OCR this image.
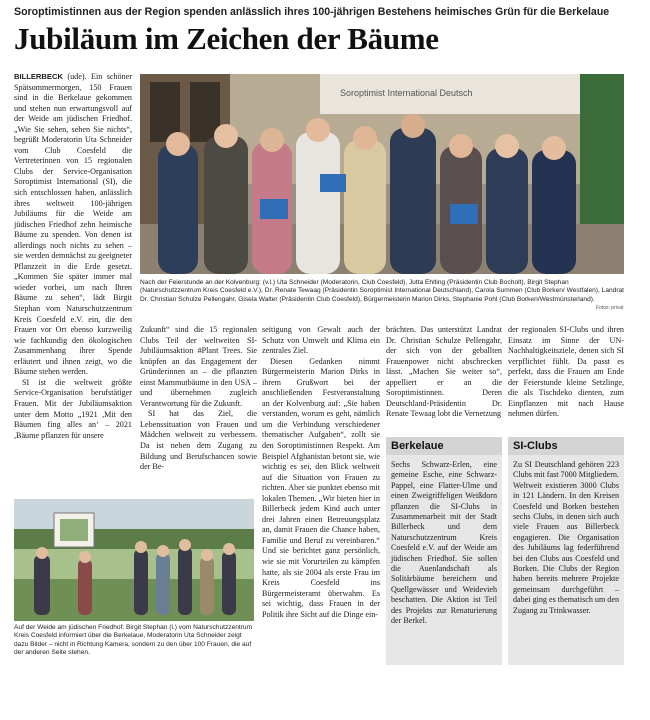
Soroptimistinnen aus der Region spenden anlässlich ihres 100-jährigen Bestehens heimisches Grün für die Berkelaue
Jubiläum im Zeichen der Bäume

BILLERBECK (ude). Ein schöner Spätsommermorgen, 150 Frauen sind in die Berkelaue gekommen und stehen nun erwartungsvoll auf der Weide am jüdischen Friedhof. „Wie Sie sehen, sehen Sie nichts“, begrüßt Moderatorin Uta Schneider vom Club Coesfeld die Vertreterinnen von 15 regionalen Clubs der Service-Organisation Soroptimist International (SI), die sich entschlossen haben, anlässlich ihres weltweit 100-jährigen Jubiläums für die Weide am jüdischen Friedhof zehn heimische Bäume zu spenden. Von denen ist allerdings noch nichts zu sehen – sie werden demnächst zu geeigneter Pflanzzeit in die Erde gesetzt. „Kommen Sie später immer mal wieder vorbei, um nach Ihren Bäume zu sehen“, lädt Birgit Stephan vom Naturschutzzentrum Kreis Coesfeld e.V. ein, die den Frauen vor Ort ebenso kurzweilig wie fachkundig den ökologischen Zusammenhang ihrer Spende erläutert und ihnen zeigt, wo die Bäume stehen werden.

SI ist die weltweit größte Service-Organisation berufstätiger Frauen. Mit der Jubiläumsaktion unter dem Motto „1921 ,Mit den Bäumen fing alles an‘ – 2021 ,Bäume pflanzen für unsere

Soroptimist International Deutsch
Nach der Feierstunde an der Kolvenburg: (v.l.) Uta Schneider (Moderatorin, Club Coesfeld), Jutta Ehlting (Präsidentin Club Bocholt), Birgit Stephan (Naturschutzzentrum Kreis Coesfeld e.V.), Dr. Renate Tewaag (Präsidentin Soroptimist International Deutschland), Carola Summen (Club Borken/ Westfalen), Landrat Dr. Christian Schulze Pellengahr, Gisela Walter (Präsidentin Club Coesfeld), Bürgermeisterin Marion Dirks, Stephanie Pohl (Club Borken/Westmünsterland).
Fotos: privat

Zukunft“ sind die 15 regionalen Clubs Teil der weltweiten SI-Jubiläumsaktion #Plant Trees. Sie knüpfen an das Engagement der Gründerinnen an – die pflanzten einst Mammutbäume in den USA – und übernehmen zugleich Verantwortung für die Zukunft.

SI hat das Ziel, die Lebenssituation von Frauen und Mädchen weltweit zu verbessern. Da ist neben dem Zugang zu Bildung und Berufschancen sowie der Be-

seitigung von Gewalt auch der Schutz von Umwelt und Klima ein zentrales Ziel.

Diesen Gedanken nimmt Bürgermeisterin Marion Dirks in ihrem Grußwort bei der anschließenden Festveranstaltung an der Kolvenburg auf: „Sie haben verstanden, worum es geht, nämlich um die Verbindung verschiedener thematischer Aufgaben“, zollt sie den Soroptimistinnen Respekt. Am Beispiel Afghanistan betont sie, wie wichtig es sei, den Blick weltweit auf die Situation von Frauen zu richten. Aber sie punktet ebenso mit lokalen Themen. „Wir bieten hier in Billerbeck jedem Kind auch unter drei Jahren einen Betreuungsplatz an, damit Frauen die Chance haben, Familie und Beruf zu vereinbaren.“ Und sie berichtet ganz persönlich, wie sie mit Vorurteilen zu kämpfen hatte, als sie 2004 als erste Frau im Kreis Coesfeld ins Bürgermeisteramt überwahm. Es sei wichtig, dass Frauen in der Politik ihre Sicht auf die Dinge ein-

brächten. Das unterstützt Landrat Dr. Christian Schulze Pellengahr, der sich von der geballten Frauenpower nicht abschrecken lässt. „Machen Sie weiter so“, appelliert er an die Soroptimistinnen. Deren Deutschland-Präsidentin Dr. Renate Tewaag lobt die Vernetzung

der regionalen SI-Clubs und ihren Einsatz im Sinne der UN-Nachhaltigkeitsziele, denen sich SI verpflichtet fühlt. Da passt es perfekt, dass die Frauen am Ende der Feierstunde kleine Setzlinge, die als Tischdeko dienten, zum Einpflanzen mit nach Hause nehmen dürfen.

Berkelaue
Sechs Schwarz-Erlen, eine gemeine Esche, eine Schwarz-Pappel, eine Flatter-Ulme und einen Zweigriffeligen Weißdorn pflanzen die SI-Clubs in Zusammenarbeit mit der Stadt Billerbeck und dem Naturschutzzentrum Kreis Coesfeld e.V. auf der Weide am jüdischen Friedhof. Sie sollen die Auenlandschaft als Solitärbäume bereichern und Quellgewässer und Weidevieh beschatten. Die Aktion ist Teil des Projekts zur Renaturierung der Berkel.
SI-Clubs
Zu SI Deutschland gehören 223 Clubs mit fast 7000 Mitgliedern. Weltweit existieren 3000 Clubs in 121 Ländern. In den Kreisen Coesfeld und Borken bestehen sechs Clubs, in denen sich auch viele Frauen aus Billerbeck engagieren. Die Organisation des Jubiläums lag federführend bei den Clubs aus Coesfeld und Borken. Die Clubs der Region haben bereits mehrere Projekte gemeinsam durchgeführt – dabei ging es thematisch um den Zugang zu Trinkwasser.
Auf der Weide am jüdischen Friedhof: Birgit Stephan (l.) vom Naturschutzzentrum Kreis Coesfeld informiert über die Berkelaue, Moderatorin Uta Schneider zeigt dazu Bilder – nicht in Richtung Kamera, sondern zu den über 100 Frauen, die auf der anderen Seite stehen.
